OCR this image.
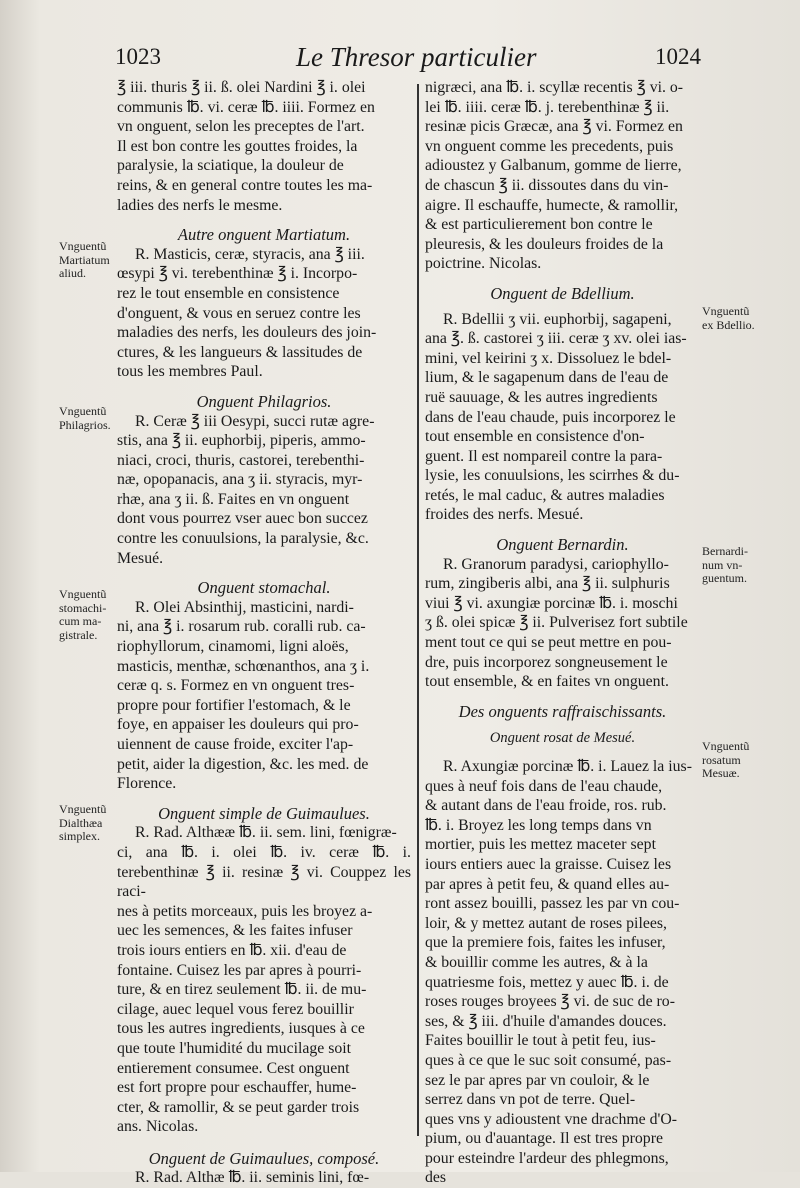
1023	Le Thresor particulier	1024

℥ iii. thuris ℥ ii. ß. olei Nardini ℥ i. olei
communis ℔. vi. ceræ ℔. iiii. Formez en
vn onguent, selon les preceptes de l'art.
Il est bon contre les gouttes froides, la
paralysie, la sciatique, la douleur de
reins, & en general contre toutes les ma-
ladies des nerfs le mesme.

Autre onguent Martiatum.

R. Masticis, ceræ, styracis, ana ℥ iii.
œsypi ℥ vi. terebenthinæ ℥ i. Incorpo-
rez le tout ensemble en consistence
d'onguent, & vous en seruez contre les
maladies des nerfs, les douleurs des join-
ctures, & les langueurs & lassitudes de
tous les membres Paul.

Onguent Philagrios.

R. Ceræ ℥ iii Oesypi, succi rutæ agre-
stis, ana ℥ ii. euphorbij, piperis, ammo-
niaci, croci, thuris, castorei, terebenthi-
næ, opopanacis, ana ʒ ii. styracis, myr-
rhæ, ana ʒ ii. ß. Faites en vn onguent
dont vous pourrez vser auec bon succez
contre les conuulsions, la paralysie, &c.
Mesué.

Onguent stomachal.

R. Olei Absinthij, masticini, nardi-
ni, ana ℥ i. rosarum rub. coralli rub. ca-
riophyllorum, cinamomi, ligni aloës,
masticis, menthæ, schœnanthos, ana ʒ i.
ceræ q. s. Formez en vn onguent tres-
propre pour fortifier l'estomach, & le
foye, en appaiser les douleurs qui pro-
uiennent de cause froide, exciter l'ap-
petit, aider la digestion, &c. les med. de
Florence.

Onguent simple de Guimaulues.

R. Rad. Althææ ℔. ii. sem. lini, fœnigræ-
ci, ana ℔. i. olei ℔. iv. ceræ ℔. i. terebenthinæ ℥ ii. resinæ ℥ vi. Couppez les raci-
nes à petits morceaux, puis les broyez a-
uec les semences, & les faites infuser
trois iours entiers en ℔. xii. d'eau de
fontaine. Cuisez les par apres à pourri-
ture, & en tirez seulement ℔. ii. de mu-
cilage, auec lequel vous ferez bouillir
tous les autres ingredients, iusques à ce
que toute l'humidité du mucilage soit
entierement consumee. Cest onguent
est fort propre pour eschauffer, hume-
cter, & ramollir, & se peut garder trois
ans. Nicolas.

Onguent de Guimaulues, composé.

R. Rad. Althæ ℔. ii. seminis lini, fœ-

nigræci, ana ℔. i. scyllæ recentis ℥ vi. o-
lei ℔. iiii. ceræ ℔. j. terebenthinæ ℥ ii.
resinæ picis Græcæ, ana ℥ vi. Formez en
vn onguent comme les precedents, puis
adioustez y Galbanum, gomme de lierre,
de chascun ℥ ii. dissoutes dans du vin-
aigre. Il eschauffe, humecte, & ramollir,
& est particulierement bon contre le
pleuresis, & les douleurs froides de la
poictrine. Nicolas.

Onguent de Bdellium.

R. Bdellii ʒ vii. euphorbij, sagapeni,
ana ℥. ß. castorei ʒ iii. ceræ ʒ xv. olei ias-
mini, vel keirini ʒ x. Dissoluez le bdel-
lium, & le sagapenum dans de l'eau de
ruë sauuage, & les autres ingredients
dans de l'eau chaude, puis incorporez le
tout ensemble en consistence d'on-
guent. Il est nompareil contre la para-
lysie, les conuulsions, les scirrhes & du-
retés, le mal caduc, & autres maladies
froides des nerfs. Mesué.

Onguent Bernardin.

R. Granorum paradysi, cariophyllo-
rum, zingiberis albi, ana ℥ ii. sulphuris
viui ℥ vi. axungiæ porcinæ ℔. i. moschi
ʒ ß. olei spicæ ℥ ii. Pulverisez fort subtile
ment tout ce qui se peut mettre en pou-
dre, puis incorporez songneusement le
tout ensemble, & en faites vn onguent.

Des onguents raffraischissants.
Onguent rosat de Mesué.

R. Axungiæ porcinæ ℔. i. Lauez la ius-
ques à neuf fois dans de l'eau chaude,
& autant dans de l'eau froide, ros. rub.
℔. i. Broyez les long temps dans vn
mortier, puis les mettez maceter sept
iours entiers auec la graisse. Cuisez les
par apres à petit feu, & quand elles au-
ront assez bouilli, passez les par vn cou-
loir, & y mettez autant de roses pilees,
que la premiere fois, faites les infuser,
& bouillir comme les autres, & à la
quatriesme fois, mettez y auec ℔. i. de
roses rouges broyees ℥ vi. de suc de ro-
ses, & ℥ iii. d'huile d'amandes douces.
Faites bouillir le tout à petit feu, ius-
ques à ce que le suc soit consumé, pas-
sez le par apres par vn couloir, & le
serrez dans vn pot de terre. Quel-
ques vns y adioustent vne drachme d'O-
pium, ou d'auantage. Il est tres propre
pour esteindre l'ardeur des phlegmons,
des

Vnguentũ
Martiatum
aliud.
Vnguentũ
Philagrios.
Vnguentũ
stomachi-
cum ma-
gistrale.
Vnguentũ
Dialthæa
simplex.
Vnguentũ
ex Bdellio.
Bernardi-
num vn-
guentum.
Vnguentũ
rosatum
Mesuæ.
